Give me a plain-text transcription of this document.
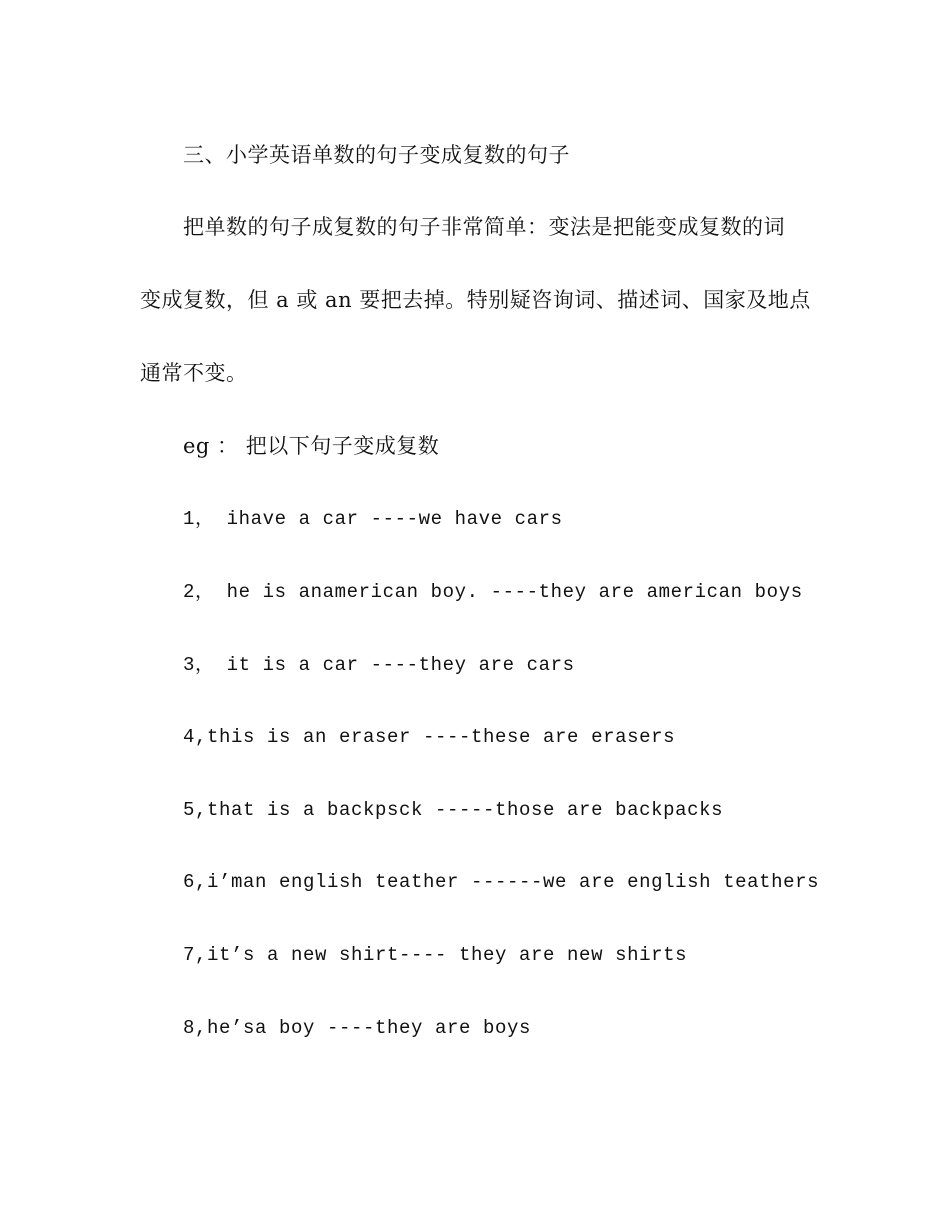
三、小学英语单数的句子变成复数的句子
把单数的句子成复数的句子非常简单：变法是把能变成复数的词
变成复数，但 a 或 an 要把去掉。特别疑咨询词、描述词、国家及地点
通常不变。
eg ： 把以下句子变成复数
1， ihave a car ----we have cars
2， he is anamerican boy. ----they are american boys
3， it is a car ----they are cars
4,this is an eraser ----these are erasers
5,that is a backpsck -----those are backpacks
6,i’man english teather ------we are english teathers
7,it’s a new shirt---- they are new shirts
8,he’sa boy ----they are boys
